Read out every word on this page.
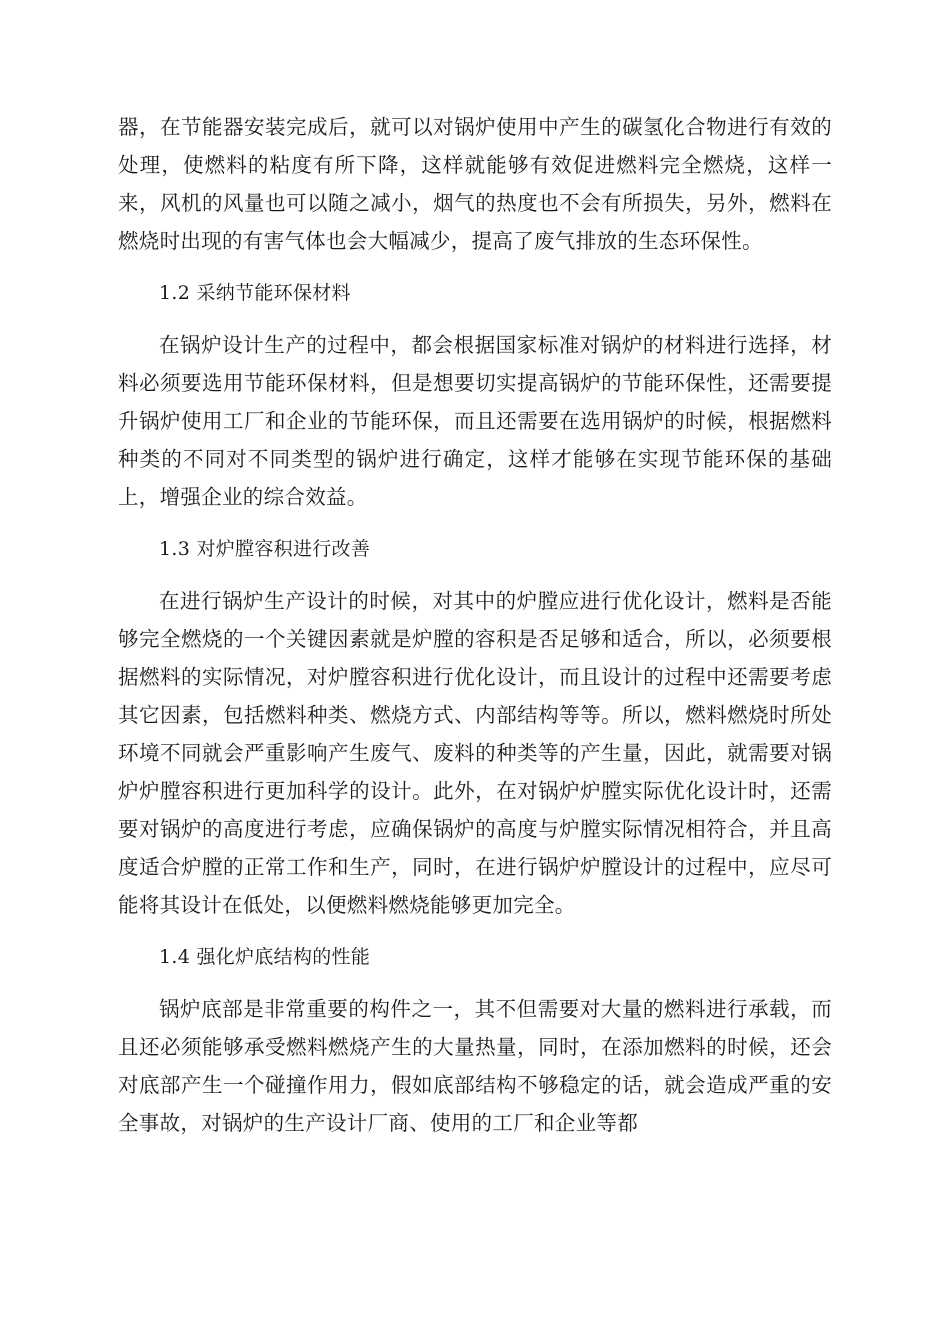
器，在节能器安装完成后，就可以对锅炉使用中产生的碳氢化合物进行有效的处理，使燃料的粘度有所下降，这样就能够有效促进燃料完全燃烧，这样一来，风机的风量也可以随之减小，烟气的热度也不会有所损失，另外，燃料在燃烧时出现的有害气体也会大幅减少，提高了废气排放的生态环保性。

1.2 采纳节能环保材料

在锅炉设计生产的过程中，都会根据国家标准对锅炉的材料进行选择，材料必须要选用节能环保材料，但是想要切实提高锅炉的节能环保性，还需要提升锅炉使用工厂和企业的节能环保，而且还需要在选用锅炉的时候，根据燃料种类的不同对不同类型的锅炉进行确定，这样才能够在实现节能环保的基础上，增强企业的综合效益。

1.3 对炉膛容积进行改善

在进行锅炉生产设计的时候，对其中的炉膛应进行优化设计，燃料是否能够完全燃烧的一个关键因素就是炉膛的容积是否足够和适合，所以，必须要根据燃料的实际情况，对炉膛容积进行优化设计，而且设计的过程中还需要考虑其它因素，包括燃料种类、燃烧方式、内部结构等等。所以，燃料燃烧时所处环境不同就会严重影响产生废气、废料的种类等的产生量，因此，就需要对锅炉炉膛容积进行更加科学的设计。此外，在对锅炉炉膛实际优化设计时，还需要对锅炉的高度进行考虑，应确保锅炉的高度与炉膛实际情况相符合，并且高度适合炉膛的正常工作和生产，同时，在进行锅炉炉膛设计的过程中，应尽可能将其设计在低处，以便燃料燃烧能够更加完全。

1.4 强化炉底结构的性能

锅炉底部是非常重要的构件之一，其不但需要对大量的燃料进行承载，而且还必须能够承受燃料燃烧产生的大量热量，同时，在添加燃料的时候，还会对底部产生一个碰撞作用力，假如底部结构不够稳定的话，就会造成严重的安全事故，对锅炉的生产设计厂商、使用的工厂和企业等都
